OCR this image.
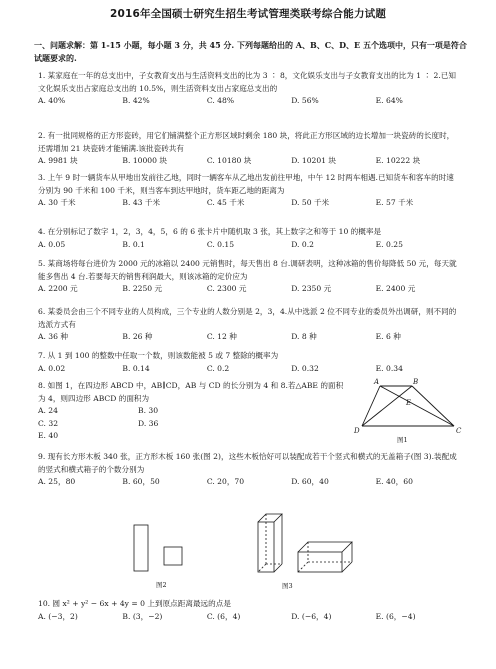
2016年全国硕士研究生招生考试管理类联考综合能力试题
一、问题求解：第 1-15 小题，每小题 3 分，共 45 分. 下列每题给出的 A、B、C、D、E 五个选项中，只有一项是符合试题要求的.
1. 某家庭在一年的总支出中，子女教育支出与生活资料支出的比为 3 ∶ 8，文化娱乐支出与子女教育支出的比为 1 ∶ 2.已知文化娱乐支出占家庭总支出的 10.5%，则生活资料支出占家庭总支出的
A. 40%	B. 42%	C. 48%	D. 56%	E. 64%
2. 有一批同规格的正方形瓷砖，用它们铺满整个正方形区域时剩余 180 块，将此正方形区域的边长增加一块瓷砖的长度时，还需增加 21 块瓷砖才能铺满.该批瓷砖共有
A. 9981 块	B. 10000 块	C. 10180 块	D. 10201 块	E. 10222 块
3. 上午 9 时一辆货车从甲地出发前往乙地，同时一辆客车从乙地出发前往甲地，中午 12 时两车相遇.已知货车和客车的时速分别为 90 千米和 100 千米，则当客车到达甲地时，货车距乙地的距离为
A. 30 千米	B. 43 千米	C. 45 千米	D. 50 千米	E. 57 千米
4. 在分别标记了数字 1，2，3，4，5，6 的 6 张卡片中随机取 3 张，其上数字之和等于 10 的概率是
A. 0.05	B. 0.1	C. 0.15	D. 0.2	E. 0.25
5. 某商场将每台进价为 2000 元的冰箱以 2400 元销售时，每天售出 8 台.调研表明，这种冰箱的售价每降低 50 元，每天就能多售出 4 台.若要每天的销售利润最大，则该冰箱的定价应为
A. 2200 元	B. 2250 元	C. 2300 元	D. 2350 元	E. 2400 元
6. 某委员会由三个不同专业的人员构成，三个专业的人数分别是 2，3，4.从中选派 2 位不同专业的委员外出调研，则不同的选派方式有
A. 36 种	B. 26 种	C. 12 种	D. 8 种	E. 6 种
7. 从 1 到 100 的整数中任取一个数，则该数能被 5 或 7 整除的概率为
A. 0.02	B. 0.14	C. 0.2	D. 0.32	E. 0.34
8. 如图 1，在四边形 ABCD 中，AB∥CD，AB 与 CD 的长分别为 4 和 8.若△ABE 的面积为 4，则四边形 ABCD 的面积为
A. 24	B. 30
C. 32	D. 36
E. 40
A	B
C
D
E
图1
9. 现有长方形木板 340 张，正方形木板 160 张(图 2)，这些木板恰好可以装配成若干个竖式和横式的无盖箱子(图 3).装配成的竖式和横式箱子的个数分别为
A. 25，80	B. 60，50	C. 20，70	D. 60，40	E. 40，60
图2	图3
10. 圆 x² + y² − 6x + 4y = 0 上到原点距离最远的点是
A. (−3，2)	B. (3，−2)	C. (6，4)	D. (−6，4)	E. (6，−4)
